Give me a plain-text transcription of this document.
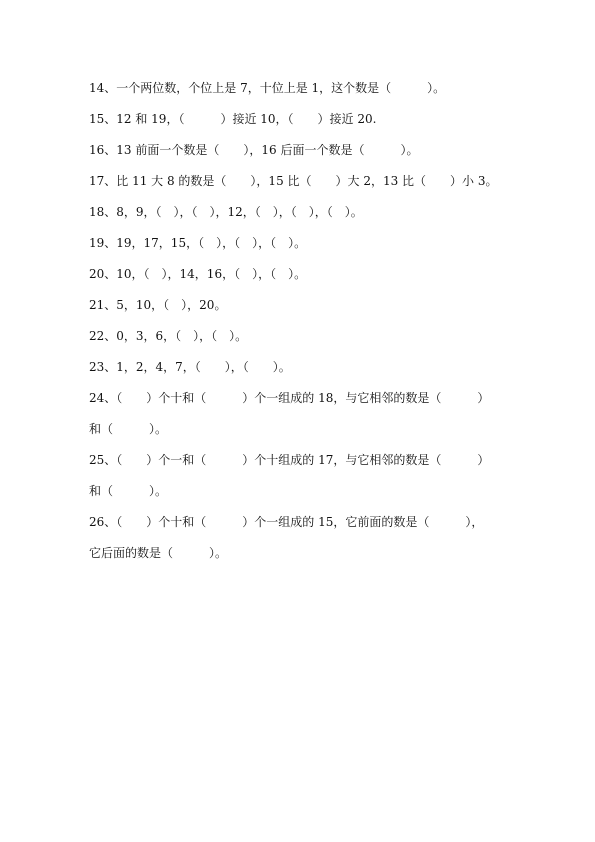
14、一个两位数，个位上是 7，十位上是 1，这个数是（　　　）。
15、12 和 19，（　　　）接近 10，（　　）接近 20.
16、13 前面一个数是（　　），16 后面一个数是（　　　）。
17、比 11 大 8 的数是（　　），15 比（　　）大 2，13 比（　　）小 3。
18、8，9，（　），（　），12，（　），（　），（　）。
19、19，17，15，（　），（　），（　）。
20、10，（　），14，16，（　），（　）。
21、5，10，（　），20。
22、0，3，6，（　），（　）。
23、1，2，4，7，（　　），（　　）。
24、（　　）个十和（　　　）个一组成的 18，与它相邻的数是（　　　）
和（　　　）。
25、（　　）个一和（　　　）个十组成的 17，与它相邻的数是（　　　）
和（　　　）。
26、（　　）个十和（　　　）个一组成的 15，它前面的数是（　　　），
它后面的数是（　　　）。
